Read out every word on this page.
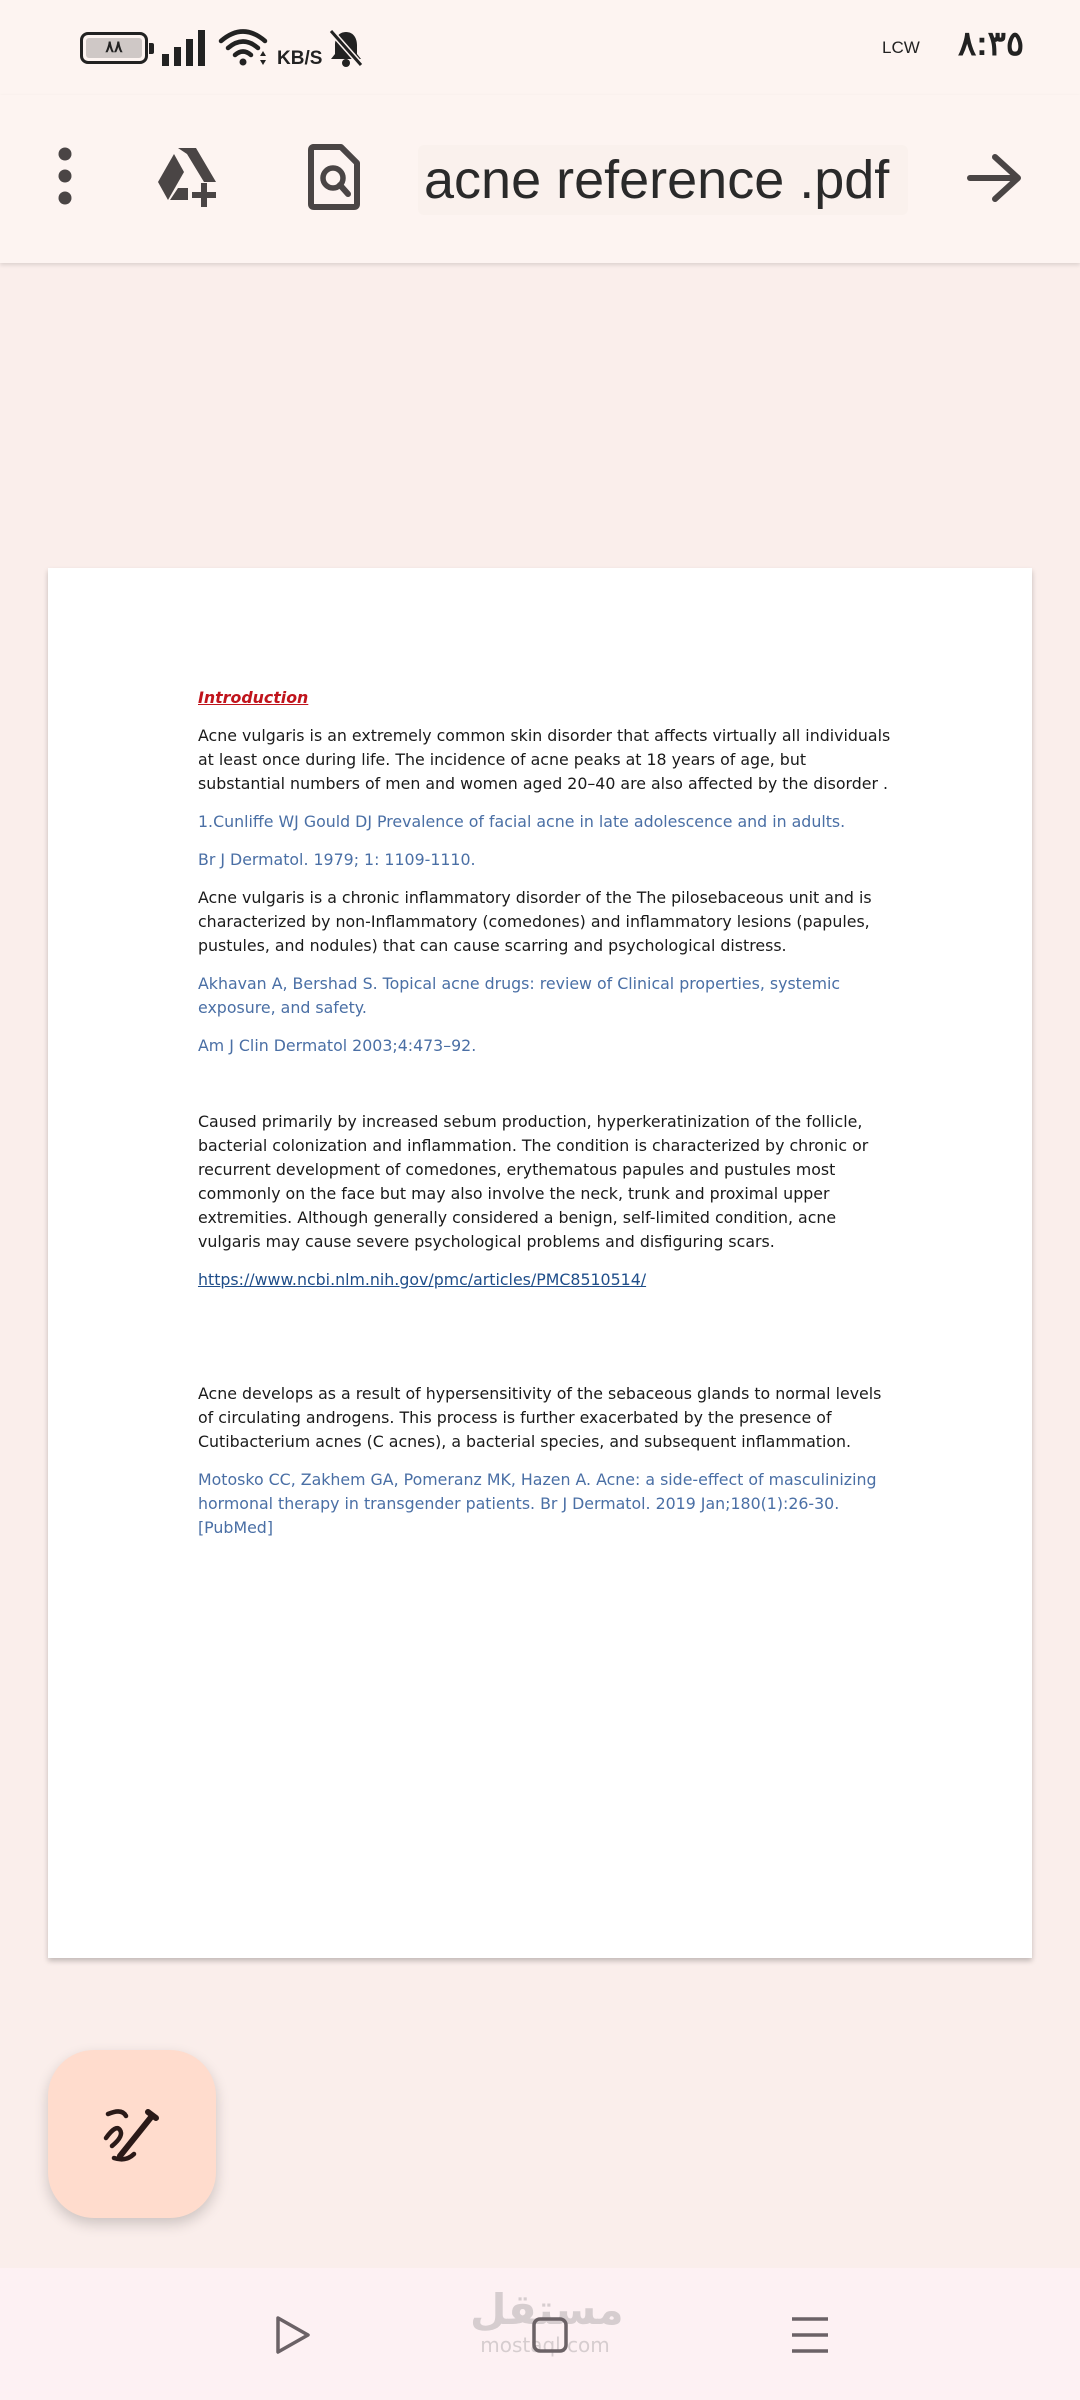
٨٨
KB/S
LCW ٨:٣٥
acne reference .pdf

Introduction

Acne vulgaris is an extremely common skin disorder that affects virtually all individuals at least once during life. The incidence of acne peaks at 18 years of age, but substantial numbers of men and women aged 20–40 are also affected by the disorder .

1.Cunliffe WJ Gould DJ Prevalence of facial acne in late adolescence and in adults.

Br J Dermatol. 1979; 1: 1109-1110.

Acne vulgaris is a chronic inflammatory disorder of the The pilosebaceous unit and is characterized by non-Inflammatory (comedones) and inflammatory lesions (papules, pustules, and nodules) that can cause scarring and psychological distress.

Akhavan A, Bershad S. Topical acne drugs: review of Clinical properties, systemic exposure, and safety.

Am J Clin Dermatol 2003;4:473–92.

Caused primarily by increased sebum production, hyperkeratinization of the follicle, bacterial colonization and inflammation. The condition is characterized by chronic or recurrent development of comedones, erythematous papules and pustules most commonly on the face but may also involve the neck, trunk and proximal upper extremities. Although generally considered a benign, self-limited condition, acne vulgaris may cause severe psychological problems and disfiguring scars.

https://www.ncbi.nlm.nih.gov/pmc/articles/PMC8510514/

Acne develops as a result of hypersensitivity of the sebaceous glands to normal levels of circulating androgens. This process is further exacerbated by the presence of Cutibacterium acnes (C acnes), a bacterial species, and subsequent inflammation.

Motosko CC, Zakhem GA, Pomeranz MK, Hazen A. Acne: a side-effect of masculinizing hormonal therapy in transgender patients. Br J Dermatol. 2019 Jan;180(1):26-30. [PubMed]

مستقل
mostaql.com
